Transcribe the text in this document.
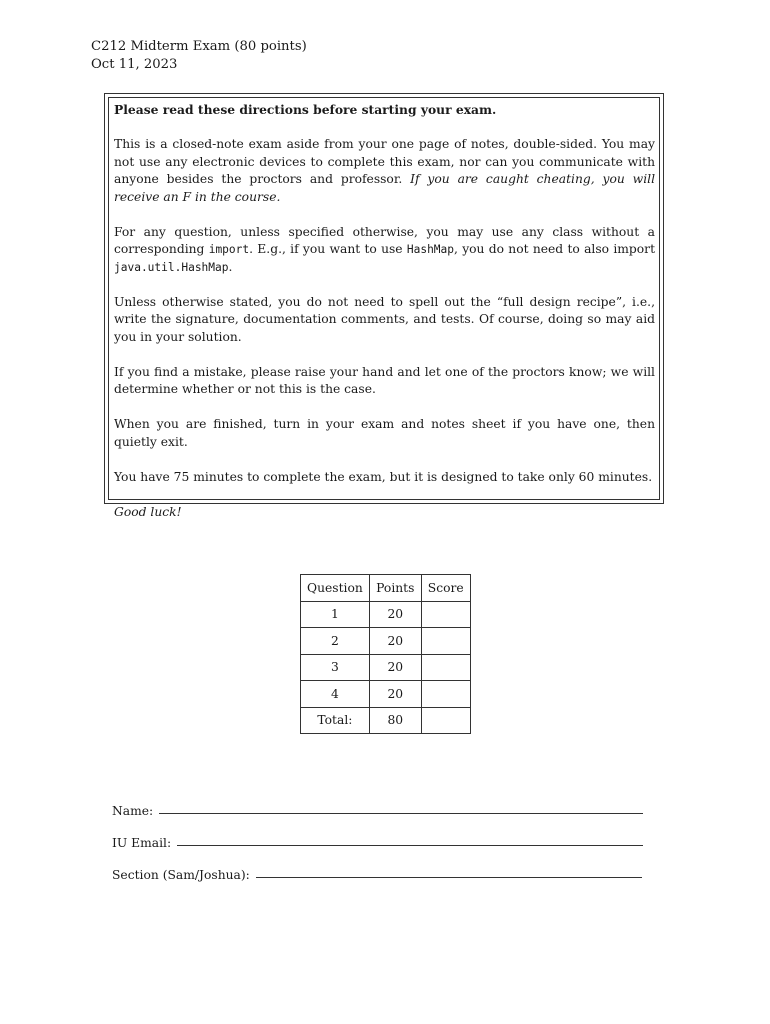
C212 Midterm Exam (80 points)
Oct 11, 2023

Please read these directions before starting your exam.

This is a closed-note exam aside from your one page of notes, double-sided. You may not use any electronic devices to complete this exam, nor can you communicate with anyone besides the proctors and professor. If you are caught cheating, you will receive an F in the course.

For any question, unless specified otherwise, you may use any class without a corresponding import. E.g., if you want to use HashMap, you do not need to also import java.util.HashMap.

Unless otherwise stated, you do not need to spell out the “full design recipe”, i.e., write the signature, documentation comments, and tests. Of course, doing so may aid you in your solution.

If you find a mistake, please raise your hand and let one of the proctors know; we will determine whether or not this is the case.

When you are finished, turn in your exam and notes sheet if you have one, then quietly exit.

You have 75 minutes to complete the exam, but it is designed to take only 60 minutes.

Good luck!

Question	Points	Score
1	20	
2	20	
3	20	
4	20	
Total:	80	
Name:
IU Email:
Section (Sam/Joshua):
